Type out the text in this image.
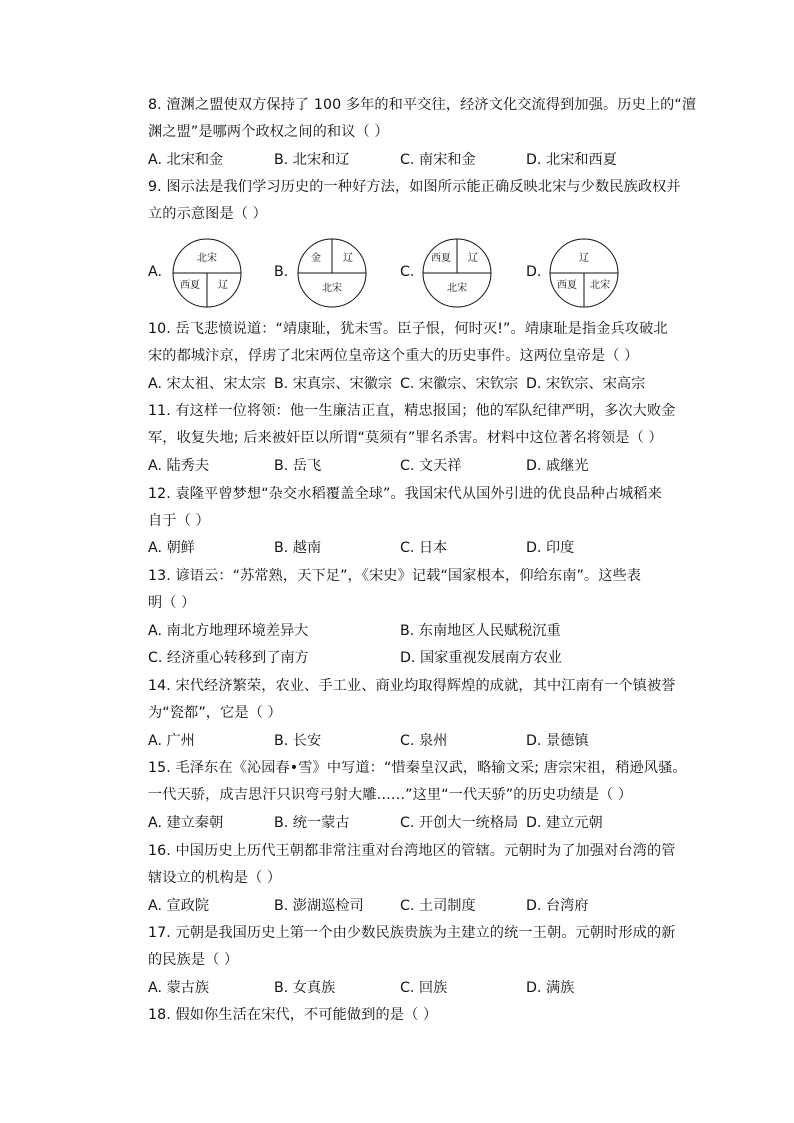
8. 澶渊之盟使双方保持了 100 多年的和平交往，经济文化交流得到加强。历史上的“澶
渊之盟”是哪两个政权之间的和议（ ）
A. 北宋和金	B. 北宋和辽	C. 南宋和金	D. 北宋和西夏
9. 图示法是我们学习历史的一种好方法，如图所示能正确反映北宋与少数民族政权并
立的示意图是（ ）
A.
北宋
西夏 辽
B.
金 辽
北宋
C.
西夏 辽
北宋
D.
辽
西夏 北宋
10. 岳飞悲愤说道：“靖康耻，犹未雪。臣子恨，何时灭!”。靖康耻是指金兵攻破北
宋的都城汴京，俘虏了北宋两位皇帝这个重大的历史事件。这两位皇帝是（ ）
A. 宋太祖、宋太宗 B. 宋真宗、宋徽宗 C. 宋徽宗、宋钦宗 D. 宋钦宗、宋高宗
11. 有这样一位将领：他一生廉洁正直，精忠报国；他的军队纪律严明，多次大败金
军，收复失地; 后来被奸臣以所谓“莫须有”罪名杀害。材料中这位著名将领是（ ）
A. 陆秀夫	B. 岳飞	C. 文天祥	D. 戚继光
12. 袁隆平曾梦想“杂交水稻覆盖全球”。我国宋代从国外引进的优良品种占城稻来
自于（ ）
A. 朝鲜	B. 越南	C. 日本	D. 印度
13. 谚语云：“苏常熟，天下足”，《宋史》记载“国家根本，仰给东南”。这些表
明（ ）
A. 南北方地理环境差异大	B. 东南地区人民赋税沉重
C. 经济重心转移到了南方	D. 国家重视发展南方农业
14. 宋代经济繁荣，农业、手工业、商业均取得辉煌的成就，其中江南有一个镇被誉
为“瓷都”，它是（ ）
A. 广州	B. 长安	C. 泉州	D. 景德镇
15. 毛泽东在《沁园春•雪》中写道：“惜秦皇汉武，略输文采; 唐宗宋祖，稍逊风骚。
一代天骄，成吉思汗只识弯弓射大雕……”这里“一代天骄”的历史功绩是（ ）
A. 建立秦朝	B. 统一蒙古	C. 开创大一统格局 D. 建立元朝
16. 中国历史上历代王朝都非常注重对台湾地区的管辖。元朝时为了加强对台湾的管
辖设立的机构是（ ）
A. 宣政院	B. 澎湖巡检司	C. 土司制度	D. 台湾府
17. 元朝是我国历史上第一个由少数民族贵族为主建立的统一王朝。元朝时形成的新
的民族是（ ）
A. 蒙古族	B. 女真族	C. 回族	D. 满族
18. 假如你生活在宋代，不可能做到的是（ ）
